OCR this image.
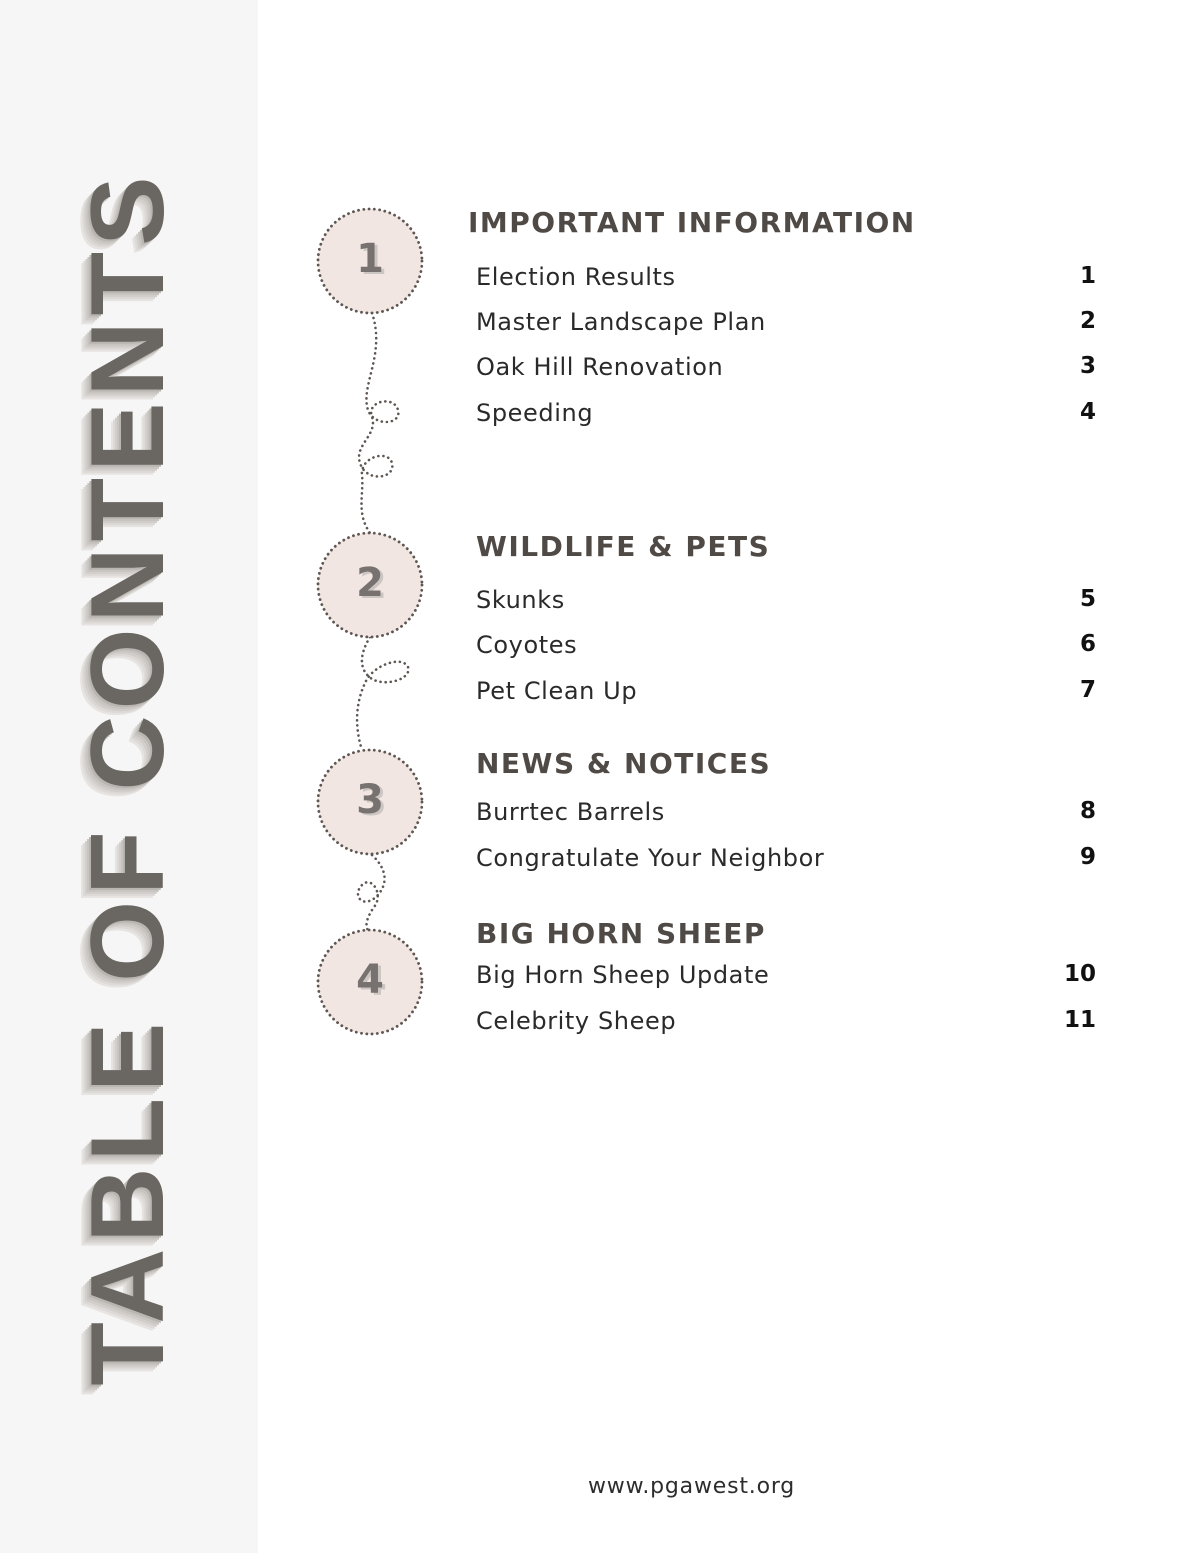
TABLE OF CONTENTS	1
2
3
4
IMPORTANT INFORMATION
Election Results	1
Master Landscape Plan	2
Oak Hill Renovation	3
Speeding	4
WILDLIFE & PETS
Skunks	5
Coyotes	6
Pet Clean Up	7
NEWS & NOTICES
Burrtec Barrels	8
Congratulate Your Neighbor	9
BIG HORN SHEEP
Big Horn Sheep Update	10
Celebrity Sheep	11
www.pgawest.org
